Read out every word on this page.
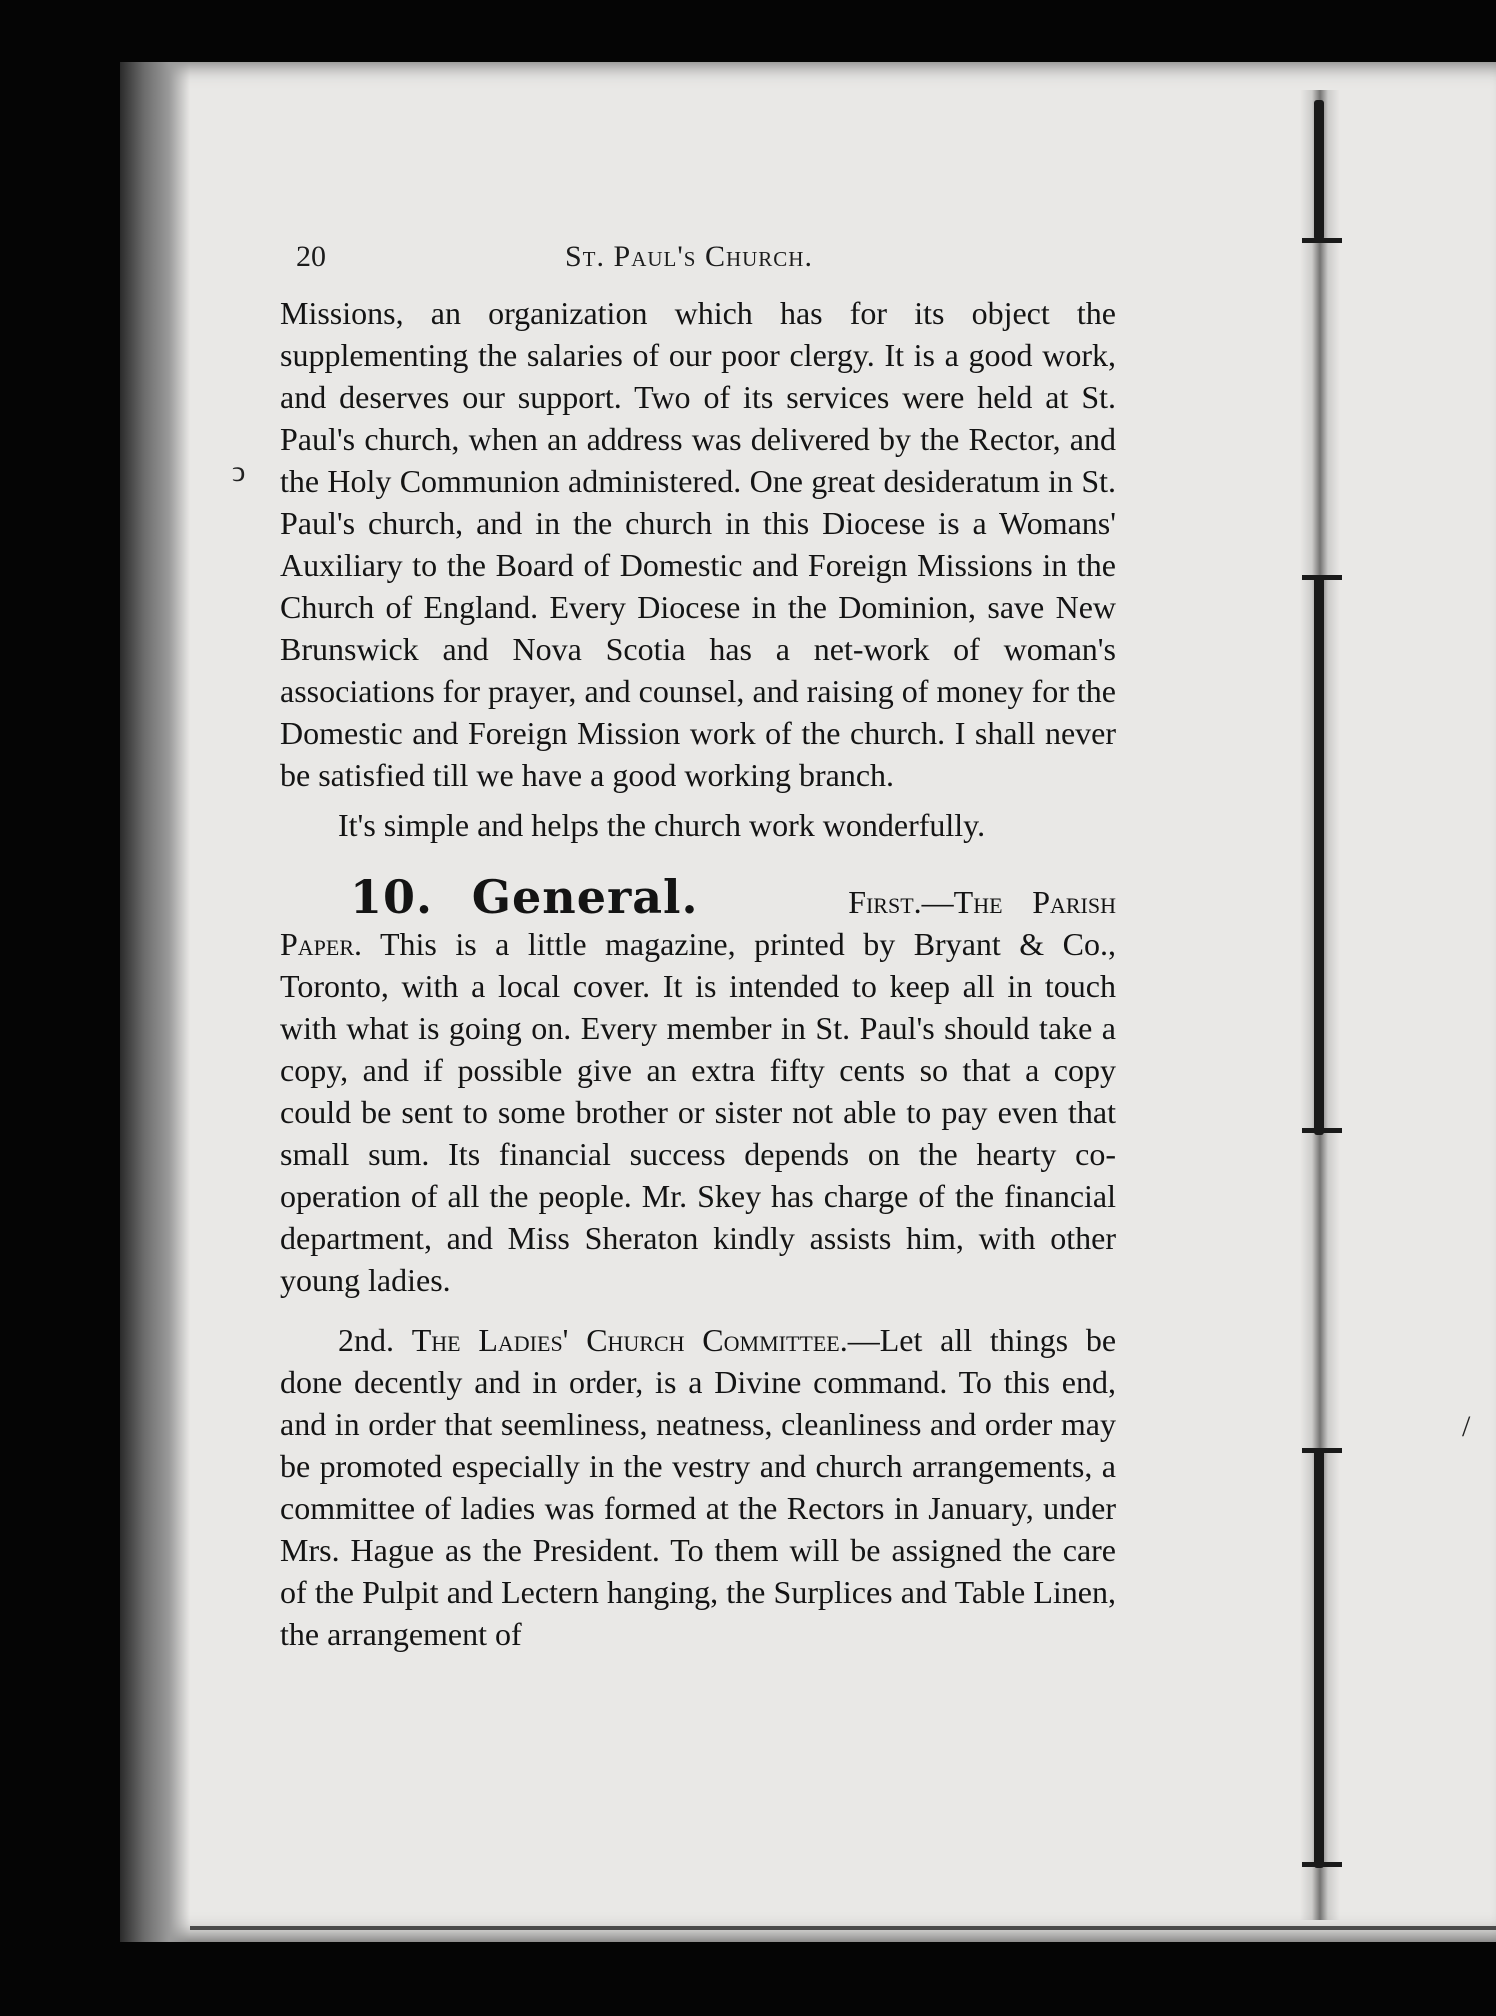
20	St. Paul's Church.

Missions, an organization which has for its object the supplementing the salaries of our poor clergy. It is a good work, and deserves our support. Two of its services were held at St. Paul's church, when an address was delivered by the Rector, and the Holy Communion administered. One great desideratum in St. Paul's church, and in the church in this Diocese is a Womans' Auxiliary to the Board of Domestic and Foreign Missions in the Church of England. Every Diocese in the Dominion, save New Brunswick and Nova Scotia has a net-work of woman's associations for prayer, and counsel, and raising of money for the Domestic and Foreign Mission work of the church. I shall never be satisfied till we have a good working branch.

It's simple and helps the church work wonderfully.

10. General.	First.—The Parish Paper. This is a little magazine, printed by Bryant & Co., Toronto, with a local cover. It is intended to keep all in touch with what is going on. Every member in St. Paul's should take a copy, and if possible give an extra fifty cents so that a copy could be sent to some brother or sister not able to pay even that small sum. Its financial success depends on the hearty co-operation of all the people. Mr. Skey has charge of the financial department, and Miss Sheraton kindly assists him, with other young ladies.

2nd. The Ladies' Church Committee.—Let all things be done decently and in order, is a Divine command. To this end, and in order that seemliness, neatness, cleanliness and order may be promoted especially in the vestry and church arrangements, a committee of ladies was formed at the Rectors in January, under Mrs. Hague as the President. To them will be assigned the care of the Pulpit and Lectern hanging, the Surplices and Table Linen, the arrangement of

ↄ
/
